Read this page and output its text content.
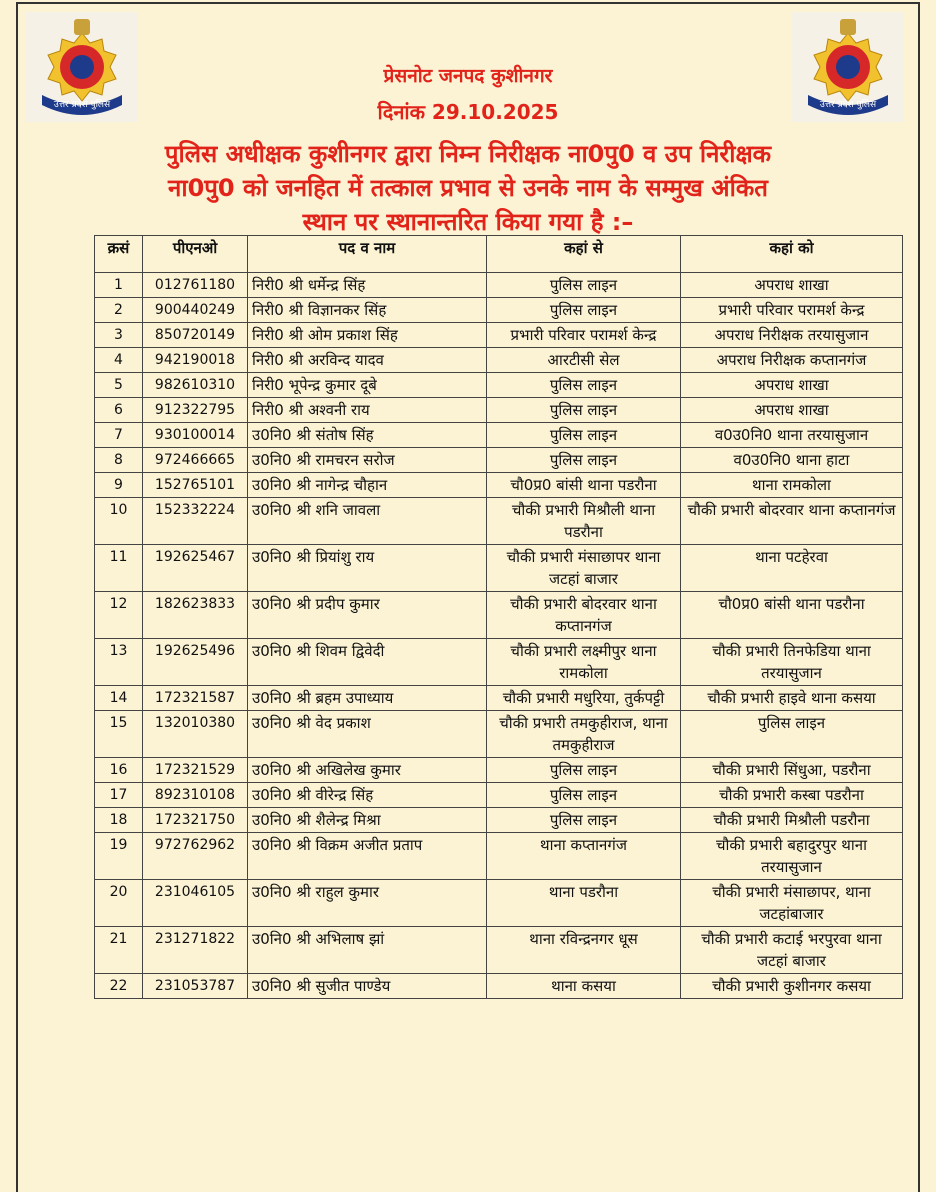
उत्तर प्रदेश पुलिस	उत्तर प्रदेश पुलिस
प्रेसनोट जनपद कुशीनगर
दिनांक 29.10.2025
पुलिस अधीक्षक कुशीनगर द्वारा निम्न निरीक्षक ना0पु0 व उप निरीक्षक
ना0पु0 को जनहित में तत्काल प्रभाव से उनके नाम के सम्मुख अंकित
स्थान पर स्थानान्तरित किया गया है :–
क्रसं	पीएनओ	पद व नाम	कहां से	कहां को
1	012761180	निरी0 श्री धर्मेन्द्र सिंह	पुलिस लाइन	अपराध शाखा
2	900440249	निरी0 श्री विज्ञानकर सिंह	पुलिस लाइन	प्रभारी परिवार परामर्श केन्द्र
3	850720149	निरी0 श्री ओम प्रकाश सिंह	प्रभारी परिवार परामर्श केन्द्र	अपराध निरीक्षक तरयासुजान
4	942190018	निरी0 श्री अरविन्द यादव	आरटीसी सेल	अपराध निरीक्षक कप्तानगंज
5	982610310	निरी0 भूपेन्द्र कुमार दूबे	पुलिस लाइन	अपराध शाखा
6	912322795	निरी0 श्री अश्वनी राय	पुलिस लाइन	अपराध शाखा
7	930100014	उ0नि0 श्री संतोष सिंह	पुलिस लाइन	व0उ0नि0 थाना तरयासुजान
8	972466665	उ0नि0 श्री रामचरन सरोज	पुलिस लाइन	व0उ0नि0 थाना हाटा
9	152765101	उ0नि0 श्री नागेन्द्र चौहान	चौ0प्र0 बांसी थाना पडरौना	थाना रामकोला
10	152332224	उ0नि0 श्री शनि जावला	चौकी प्रभारी मिश्रौली थाना पडरौना	चौकी प्रभारी बोदरवार थाना कप्तानगंज
11	192625467	उ0नि0 श्री प्रियांशु राय	चौकी प्रभारी मंसाछापर थाना जटहां बाजार	थाना पटहेरवा
12	182623833	उ0नि0 श्री प्रदीप कुमार	चौकी प्रभारी बोदरवार थाना कप्तानगंज	चौ0प्र0 बांसी थाना पडरौना
13	192625496	उ0नि0 श्री शिवम द्विवेदी	चौकी प्रभारी लक्ष्मीपुर थाना रामकोला	चौकी प्रभारी तिनफेडिया थाना तरयासुजान
14	172321587	उ0नि0 श्री ब्रहम उपाध्याय	चौकी प्रभारी मधुरिया, तुर्कपट्टी	चौकी प्रभारी हाइवे थाना कसया
15	132010380	उ0नि0 श्री वेद प्रकाश	चौकी प्रभारी तमकुहीराज, थाना तमकुहीराज	पुलिस लाइन
16	172321529	उ0नि0 श्री अखिलेख कुमार	पुलिस लाइन	चौकी प्रभारी सिंधुआ, पडरौना
17	892310108	उ0नि0 श्री वीरेन्द्र सिंह	पुलिस लाइन	चौकी प्रभारी कस्बा पडरौना
18	172321750	उ0नि0 श्री शैलेन्द्र मिश्रा	पुलिस लाइन	चौकी प्रभारी मिश्रौली पडरौना
19	972762962	उ0नि0 श्री विक्रम अजीत प्रताप	थाना कप्तानगंज	चौकी प्रभारी बहादुरपुर थाना तरयासुजान
20	231046105	उ0नि0 श्री राहुल कुमार	थाना पडरौना	चौकी प्रभारी मंसाछापर, थाना जटहांबाजार
21	231271822	उ0नि0 श्री अभिलाष झां	थाना रविन्द्रनगर धूस	चौकी प्रभारी कटाई भरपुरवा थाना जटहां बाजार
22	231053787	उ0नि0 श्री सुजीत पाण्डेय	थाना कसया	चौकी प्रभारी कुशीनगर कसया
